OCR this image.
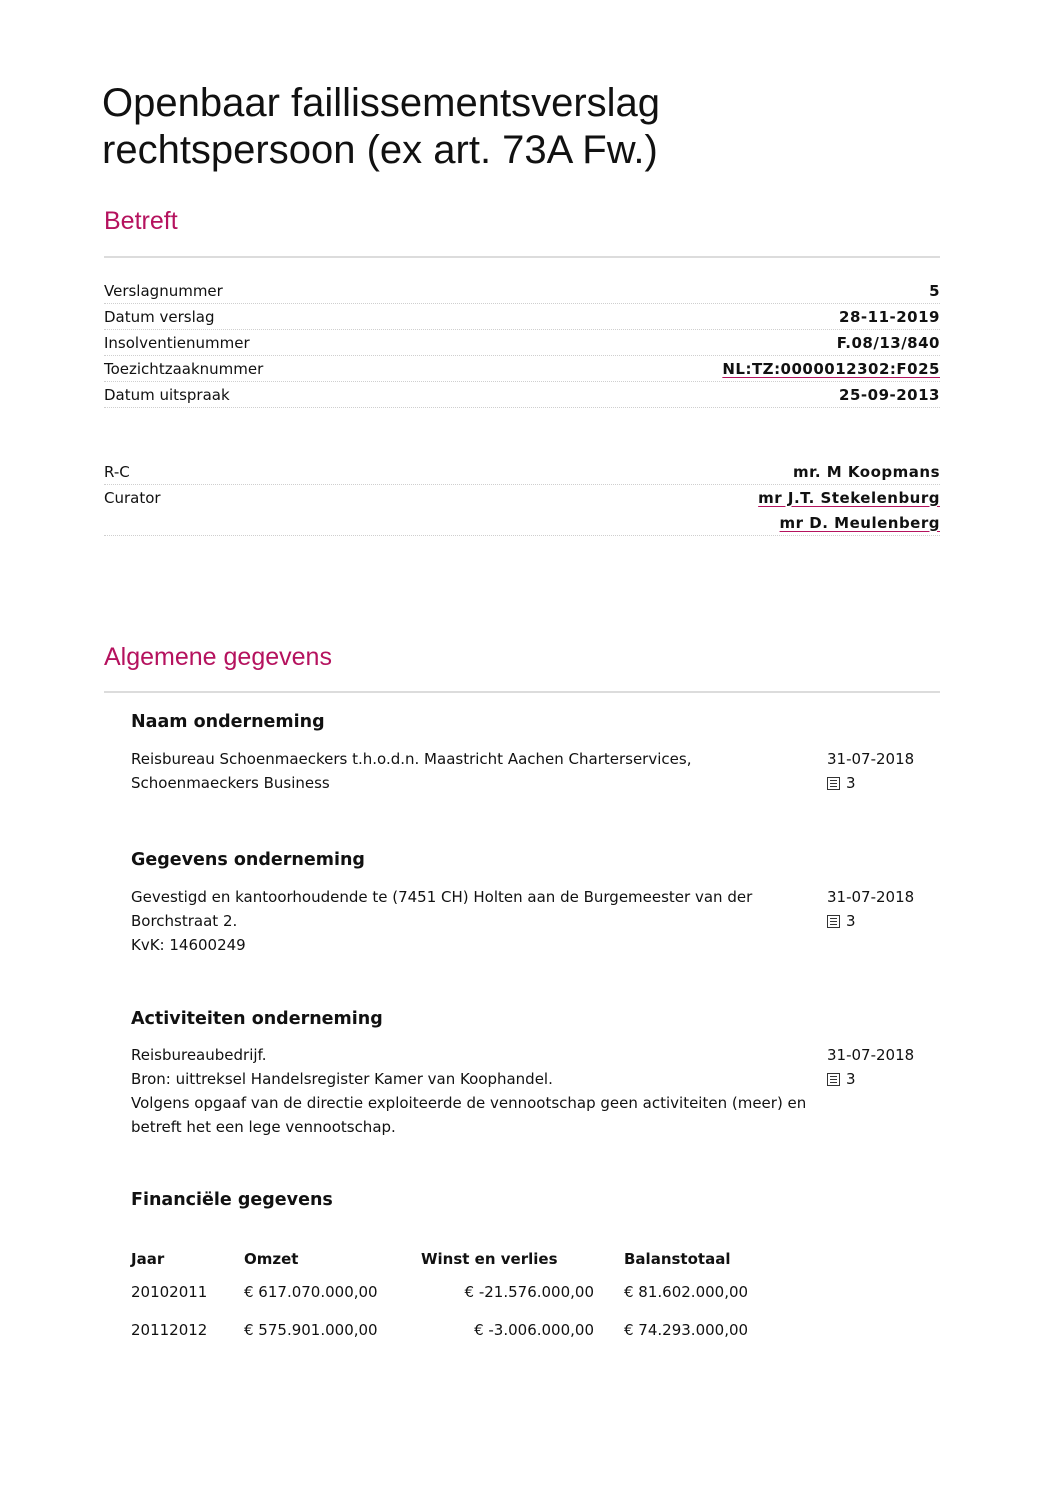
Openbaar faillissementsverslag
rechtspersoon (ex art. 73A Fw.)
Betreft
Verslagnummer	5
Datum verslag	28-11-2019
Insolventienummer	F.08/13/840
Toezichtzaaknummer	NL:TZ:0000012302:F025
Datum uitspraak	25-09-2013
R-C	mr. M Koopmans
Curator	mr J.T. Stekelenburg
mr D. Meulenberg
Algemene gegevens
Naam onderneming

Reisbureau Schoenmaeckers t.h.o.d.n. Maastricht Aachen Charterservices, Schoenmaeckers Business

31-07-2018
3
Gegevens onderneming

Gevestigd en kantoorhoudende te (7451 CH) Holten aan de Burgemeester van der Borchstraat 2.

KvK: 14600249

31-07-2018
3
Activiteiten onderneming

Reisbureaubedrijf.

Bron: uittreksel Handelsregister Kamer van Koophandel.

Volgens opgaaf van de directie exploiteerde de vennootschap geen activiteiten (meer) en betreft het een lege vennootschap.

31-07-2018
3
Financiële gegevens
Jaar	Omzet	Winst en verlies	Balanstotaal
20102011	€ 617.070.000,00	€ -21.576.000,00	€ 81.602.000,00
20112012	€ 575.901.000,00	€ -3.006.000,00	€ 74.293.000,00
